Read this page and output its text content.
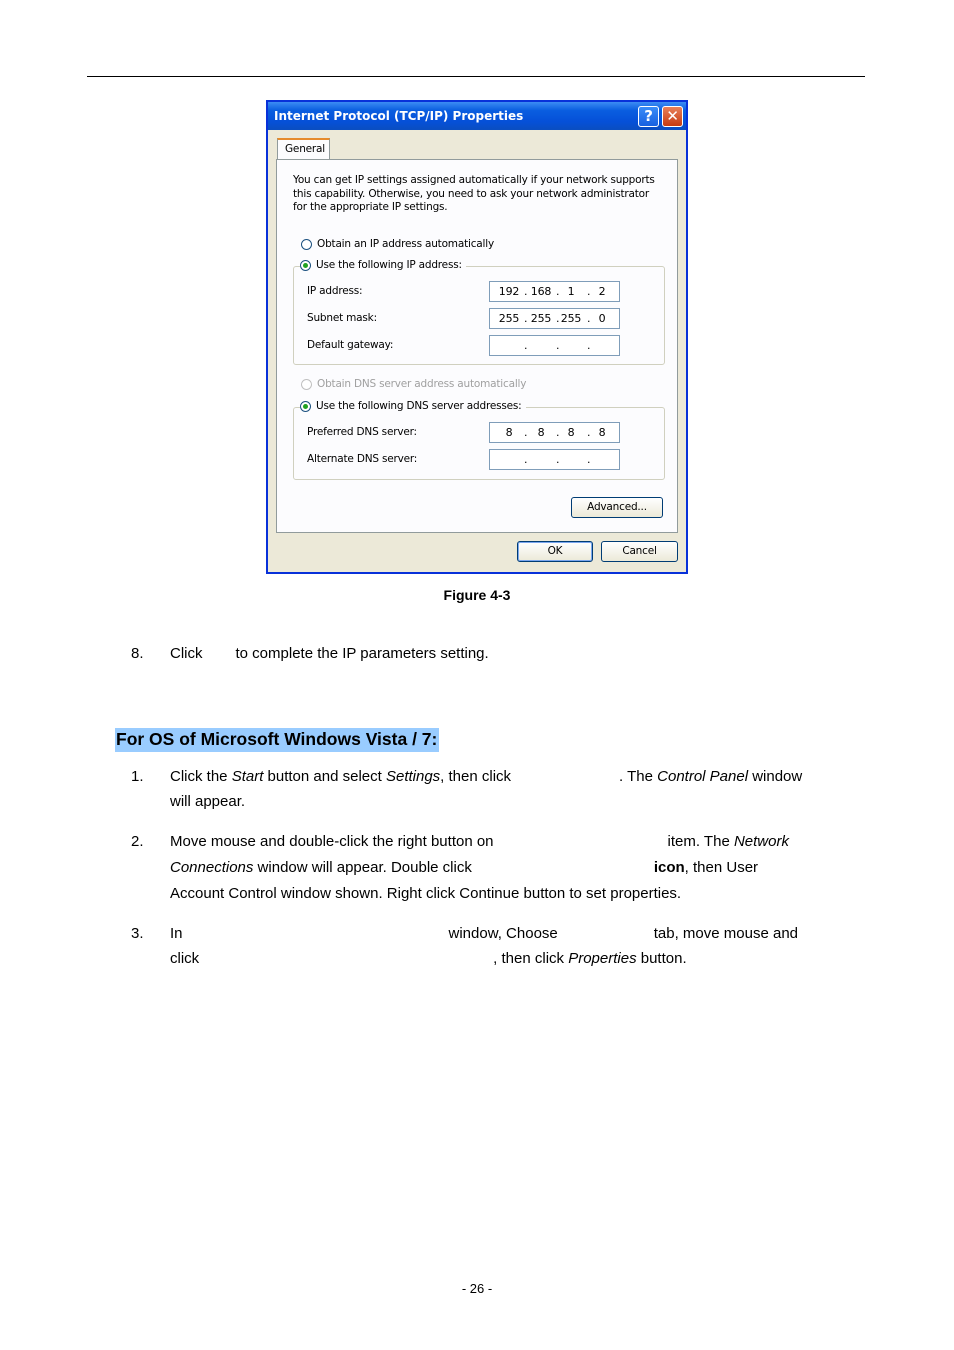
Internet Protocol (TCP/IP) Properties	? ✕
General
You can get IP settings assigned automatically if your network supports this capability. Otherwise, you need to ask your network administrator for the appropriate IP settings.
Obtain an IP address automatically
Use the following IP address:
IP address:	192 . 168 . 1	. 2
Subnet mask:	255 . 255 . 255 . 0
Default gateway:	.	.	.
Obtain DNS server address automatically
Use the following DNS server addresses:
Preferred DNS server:	8	. 8	. 8	. 8
Alternate DNS server:	.	.	.
Advanced...
OK	Cancel
Figure 4-3
8. Click to complete the IP parameters setting.
For OS of Microsoft Windows Vista / 7:
1. Click the Start button and select Settings, then click	. The Control Panel window
will appear.
2. Move mouse and double-click the right button on	item. The Network
Connections window will appear. Double click	icon, then User
Account Control window shown. Right click Continue button to set properties.
3. In	window, Choose	tab, move mouse and
click	, then click Properties button.
- 26 -
